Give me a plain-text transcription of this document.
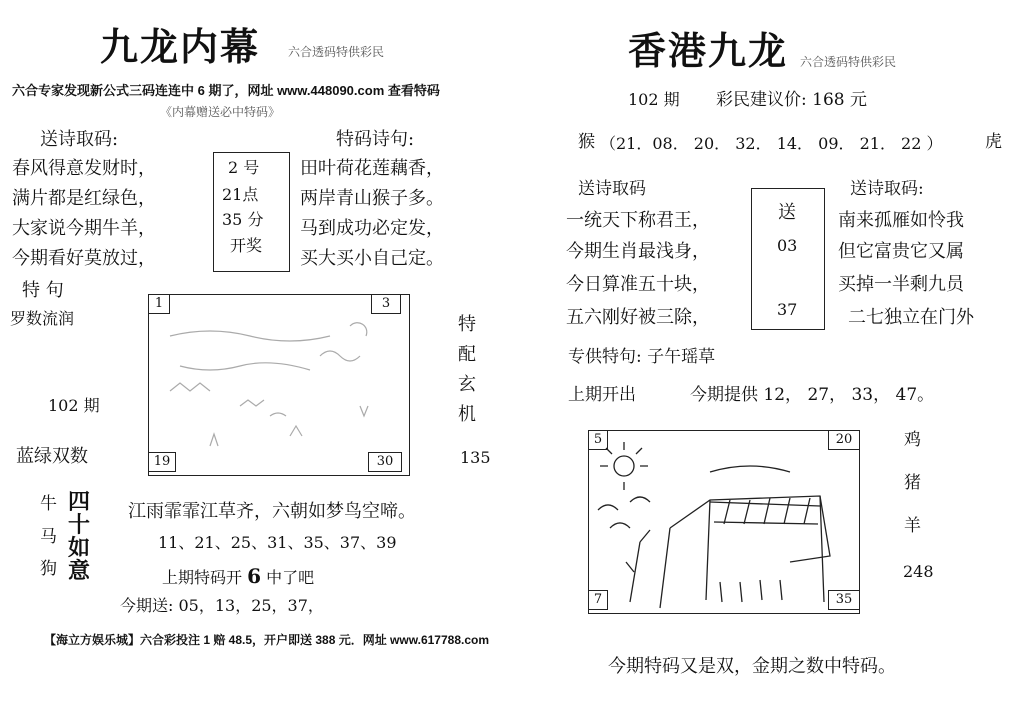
九龙内幕 六合透码特供彩民
六合专家发现新公式三码连连中 6 期了，网址 www.448090.com 查看特码
《内幕赠送必中特码》
送诗取码:
春风得意发财时，
满片都是红绿色，
大家说今期牛羊，
今期看好莫放过，
2 号
21点
35 分
开奖
特码诗句:
田叶荷花莲藕香，
两岸青山猴子多。
马到成功必定发，
买大买小自己定。
特 句
罗数流润
102 期
蓝绿双数
1	3
19	30
特
配
玄
机
135
牛
马
狗
四
十
如
意
江雨霏霏江草齐，六朝如梦鸟空啼。
11、21、25、31、35、37、39
上期特码开 6 中了吧
今期送: 05，13，25，37，
【海立方娱乐城】六合彩投注 1 赔 48.5，开户即送 388 元．网址 www.617788.com
香港九龙 六合透码特供彩民
102 期 彩民建议价: 168 元
猴 （21．08． 20． 32． 14． 09． 21． 22 ）	虎
送诗取码
一统天下称君王，
今期生肖最浅身，
今日算准五十块，
五六刚好被三除，
送
03
37
送诗取码:
南来孤雁如怜我
但它富贵它又属
买掉一半剩九员
二七独立在门外
专供特句: 子午瑶草
上期开出	今期提供 12， 27， 33， 47。
5	20
7	35
鸡
猪
羊
248
今期特码又是双，金期之数中特码。
